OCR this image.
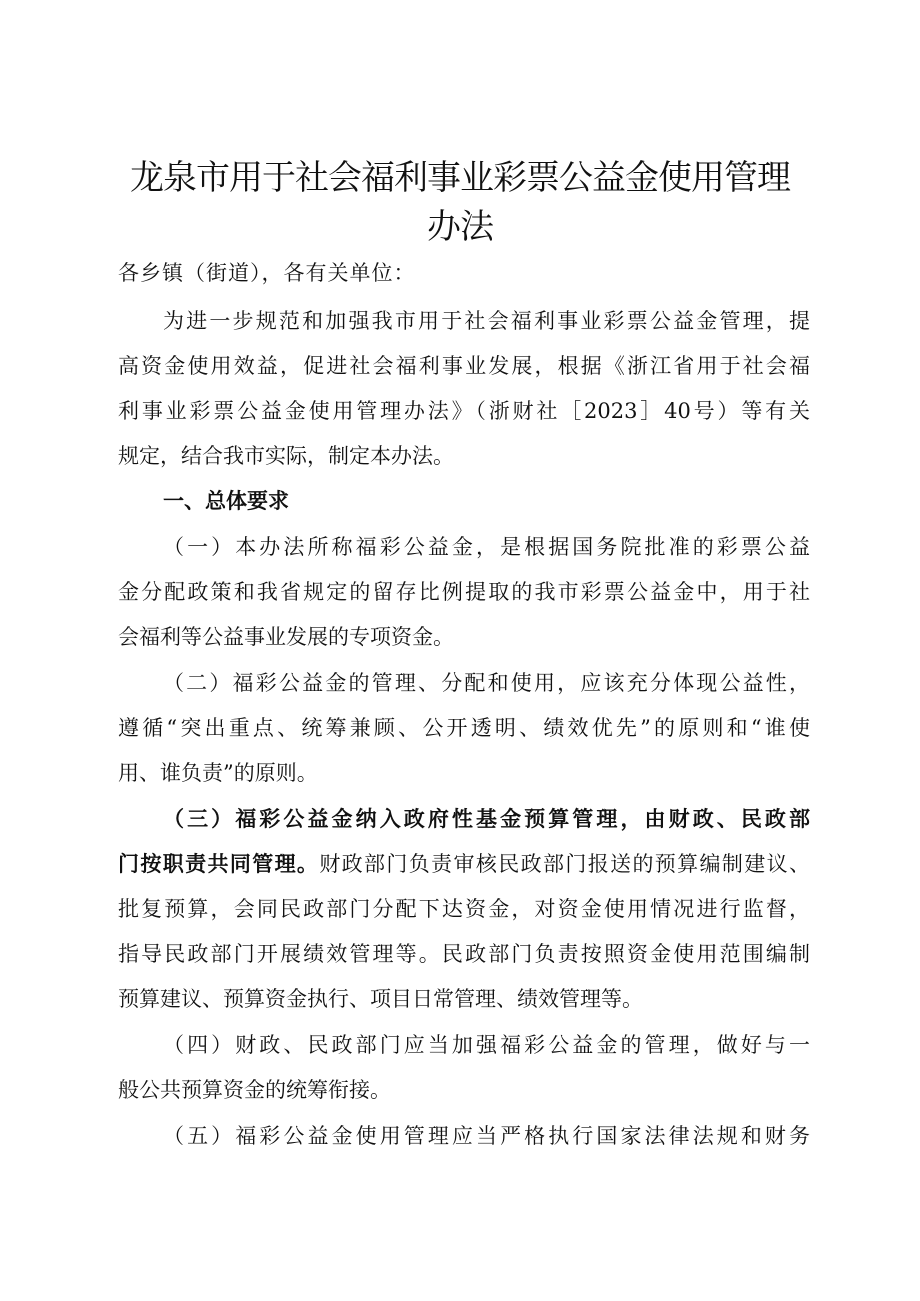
龙泉市用于社会福利事业彩票公益金使用管理
办法
各乡镇（街道），各有关单位：
为进一步规范和加强我市用于社会福利事业彩票公益金管理，提
高资金使用效益，促进社会福利事业发展，根据《浙江省用于社会福
利事业彩票公益金使用管理办法》（浙财社［2023］40号）等有关
规定，结合我市实际，制定本办法。
一、总体要求
（一）本办法所称福彩公益金，是根据国务院批准的彩票公益
金分配政策和我省规定的留存比例提取的我市彩票公益金中，用于社
会福利等公益事业发展的专项资金。
（二）福彩公益金的管理、分配和使用，应该充分体现公益性，
遵循“突出重点、统筹兼顾、公开透明、绩效优先”的原则和“谁使
用、谁负责”的原则。
（三）福彩公益金纳入政府性基金预算管理，由财政、民政部
门按职责共同管理。财政部门负责审核民政部门报送的预算编制建议、
批复预算，会同民政部门分配下达资金，对资金使用情况进行监督，
指导民政部门开展绩效管理等。民政部门负责按照资金使用范围编制
预算建议、预算资金执行、项目日常管理、绩效管理等。
（四）财政、民政部门应当加强福彩公益金的管理，做好与一
般公共预算资金的统筹衔接。
（五）福彩公益金使用管理应当严格执行国家法律法规和财务
